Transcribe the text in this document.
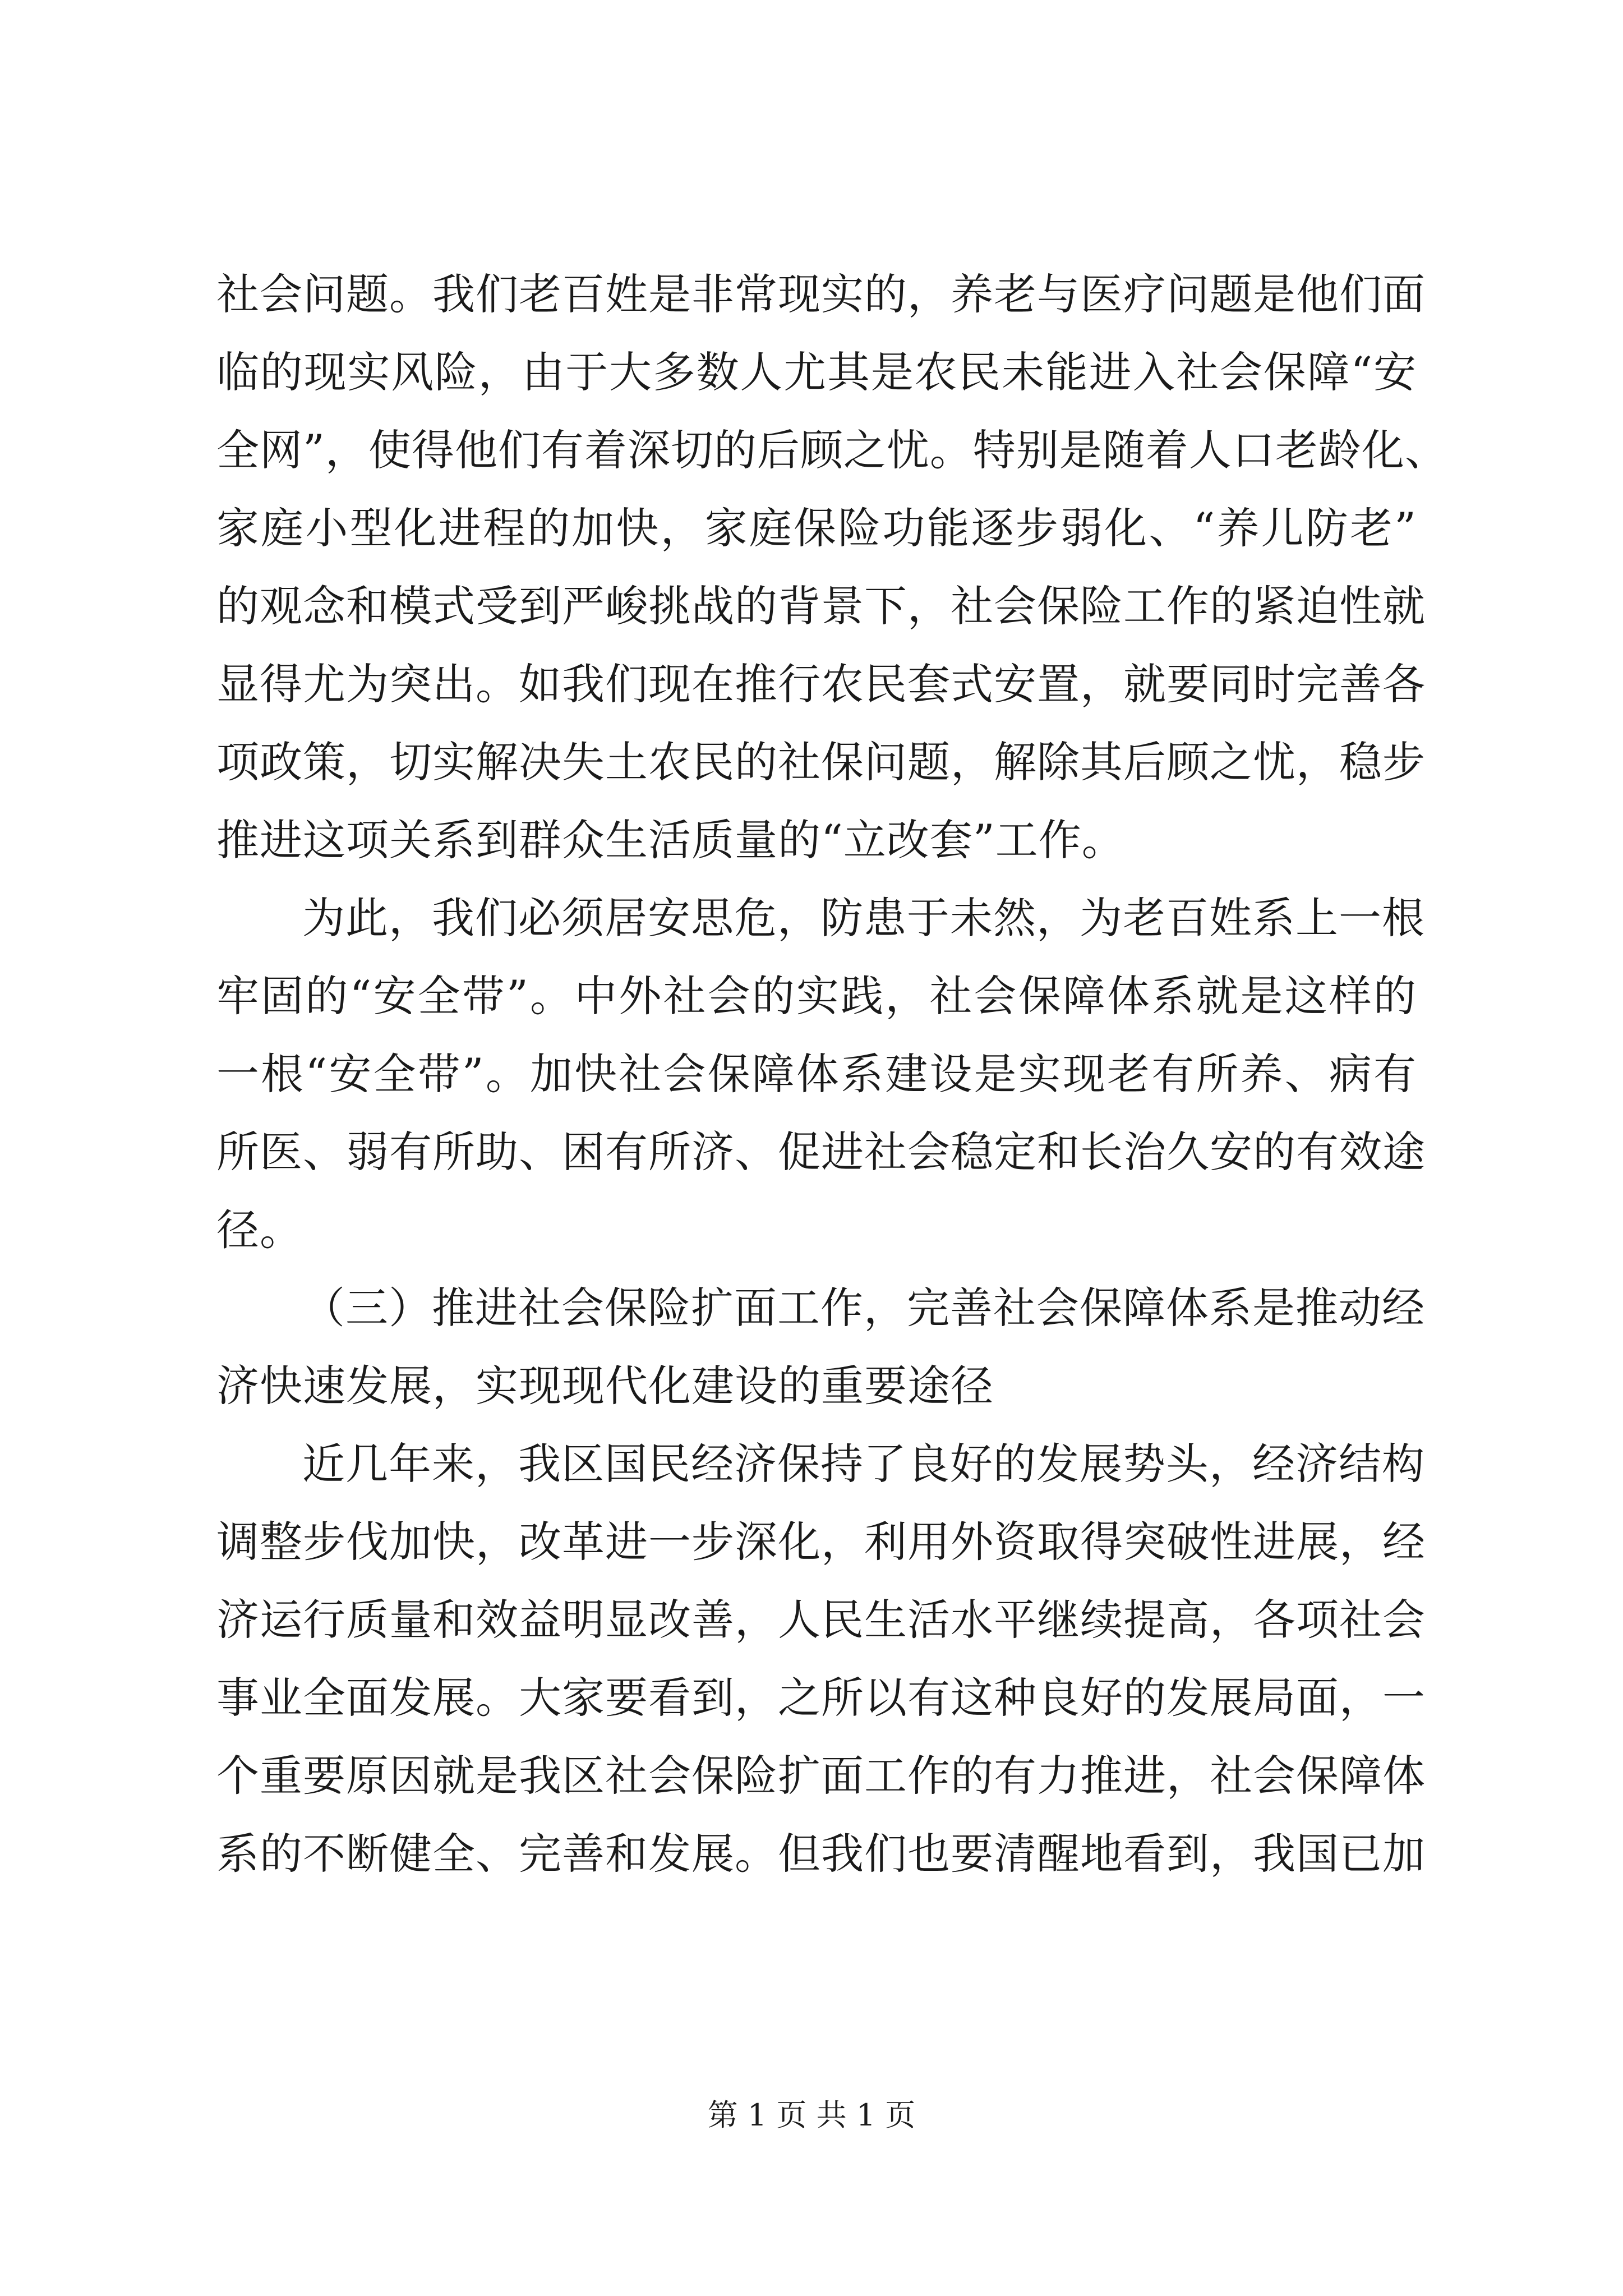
社会问题。我们老百姓是非常现实的，养老与医疗问题是他们面
临的现实风险，由于大多数人尤其是农民未能进入社会保障“安
全网”，使得他们有着深切的后顾之忧。特别是随着人口老龄化、
家庭小型化进程的加快，家庭保险功能逐步弱化、“养儿防老”
的观念和模式受到严峻挑战的背景下，社会保险工作的紧迫性就
显得尤为突出。如我们现在推行农民套式安置，就要同时完善各
项政策，切实解决失土农民的社保问题，解除其后顾之忧，稳步
推进这项关系到群众生活质量的“立改套”工作。
为此，我们必须居安思危，防患于未然，为老百姓系上一根
牢固的“安全带”。中外社会的实践，社会保障体系就是这样的
一根“安全带”。加快社会保障体系建设是实现老有所养、病有
所医、弱有所助、困有所济、促进社会稳定和长治久安的有效途
径。
（三）推进社会保险扩面工作，完善社会保障体系是推动经
济快速发展，实现现代化建设的重要途径
近几年来，我区国民经济保持了良好的发展势头，经济结构
调整步伐加快，改革进一步深化，利用外资取得突破性进展，经
济运行质量和效益明显改善，人民生活水平继续提高，各项社会
事业全面发展。大家要看到，之所以有这种良好的发展局面，一
个重要原因就是我区社会保险扩面工作的有力推进，社会保障体
系的不断健全、完善和发展。但我们也要清醒地看到，我国已加
第 1 页 共 1 页
